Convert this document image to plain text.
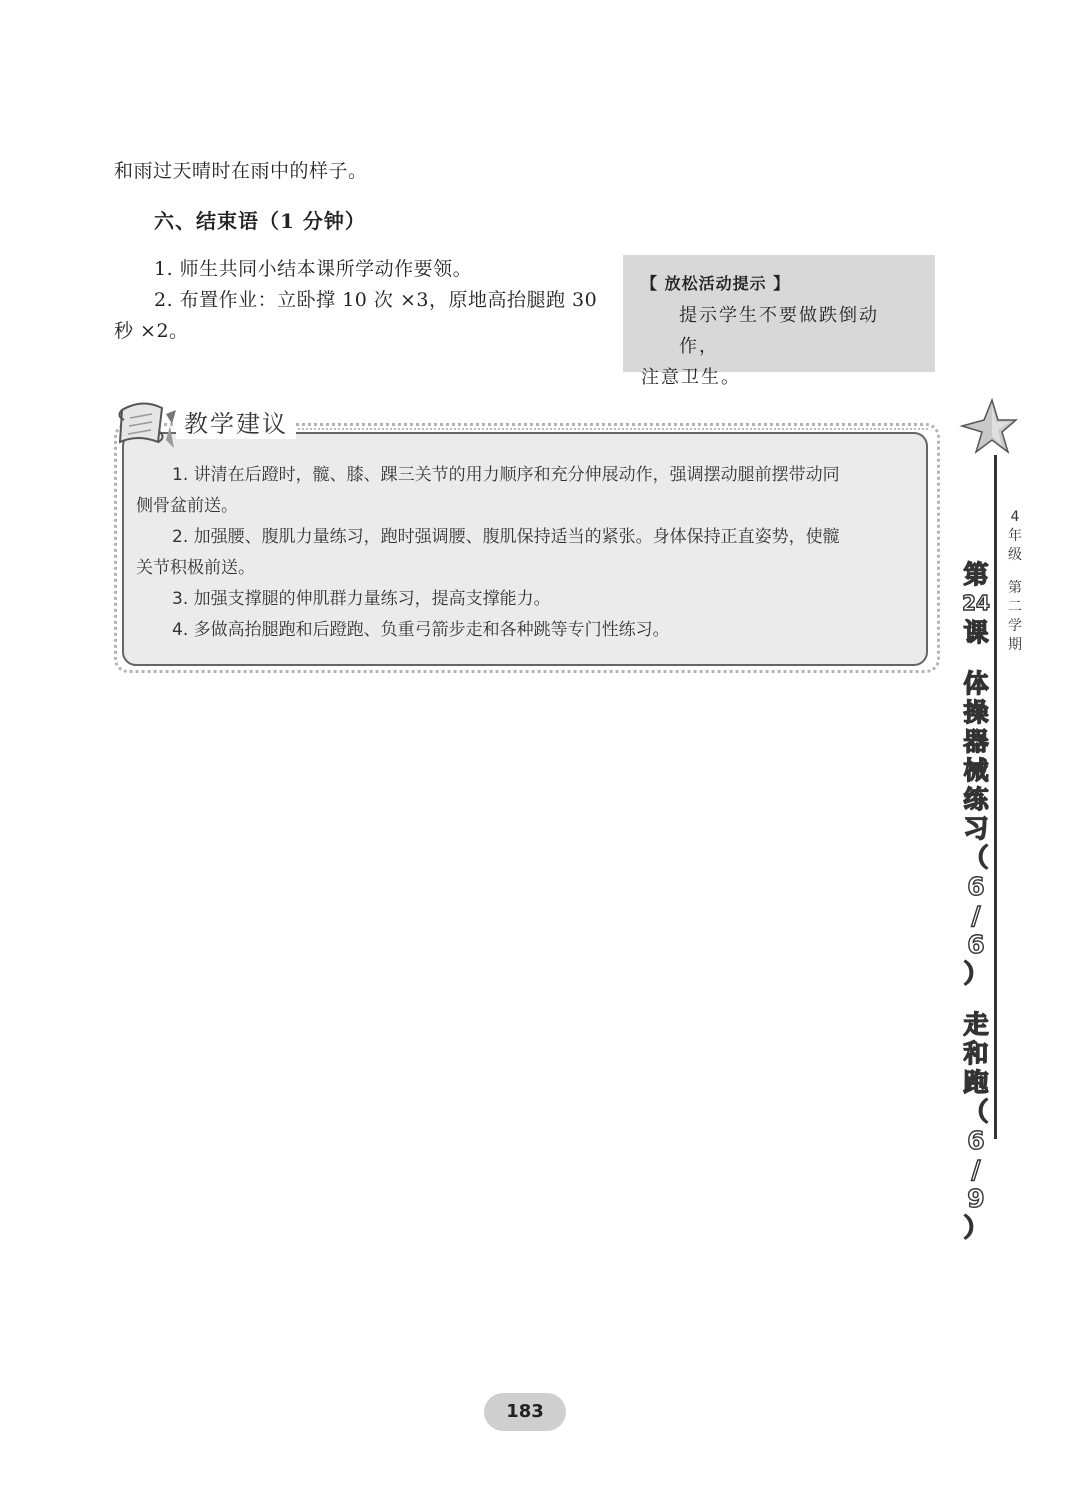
和雨过天晴时在雨中的样子。
六、结束语（1 分钟）
1. 师生共同小结本课所学动作要领。
2. 布置作业：立卧撑 10 次 ×3，原地高抬腿跑 30
秒 ×2。
【 放松活动提示 】
提示学生不要做跌倒动作，
注意卫生。

1. 讲清在后蹬时，髋、膝、踝三关节的用力顺序和充分伸展动作，强调摆动腿前摆带动同

侧骨盆前送。

2. 加强腰、腹肌力量练习，跑时强调腰、腹肌保持适当的紧张。身体保持正直姿势，使髋

关节积极前送。

3. 加强支撑腿的伸肌群力量练习，提高支撑能力。

4. 多做高抬腿跑和后蹬跑、负重弓箭步走和各种跳等专门性练习。

教学建议
4
年
级
第
二
学
期
第
24
课
体
操
器
械
练
习
（
6
/
6
）
走
和
跑
（
6
/
9
）
183
